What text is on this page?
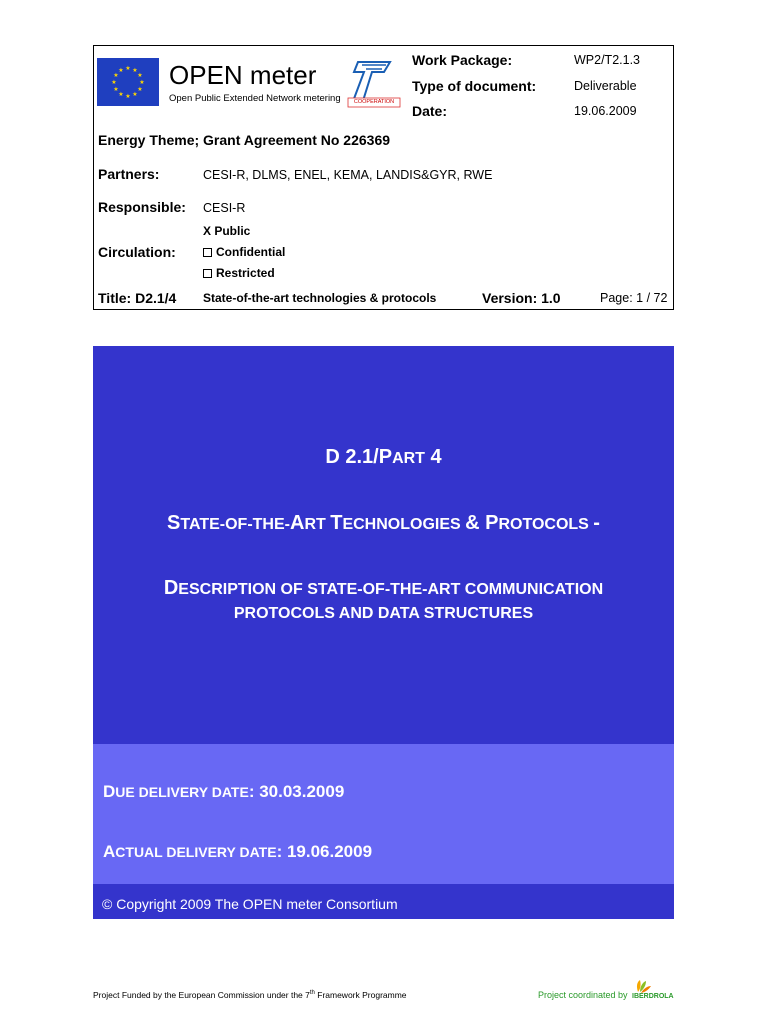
★ ★
★
★
★
★
★
★
★
★
★
★ OPEN meter
Open Public Extended Network metering	COOPERATION
Work Package:	WP2/T2.1.3
Type of document:	Deliverable
Date:	19.06.2009
Energy Theme; Grant Agreement No 226369
Partners:	CESI-R, DLMS, ENEL, KEMA, LANDIS&GYR, RWE
Responsible: CESI-R
X Public
Circulation:	Confidential
Restricted
Title: D2.1/4 State-of-the-art technologies & protocols	Version: 1.0	Page: 1 / 72
D 2.1/PART 4
STATE-OF-THE-ART TECHNOLOGIES & PROTOCOLS -
DESCRIPTION OF STATE-OF-THE-ART COMMUNICATION
PROTOCOLS AND DATA STRUCTURES
DUE DELIVERY DATE: 30.03.2009
ACTUAL DELIVERY DATE: 19.06.2009
© Copyright 2009 The OPEN meter Consortium
Project Funded by the European Commission under the 7th Framework Programme	Project coordinated by IBERDROLA
